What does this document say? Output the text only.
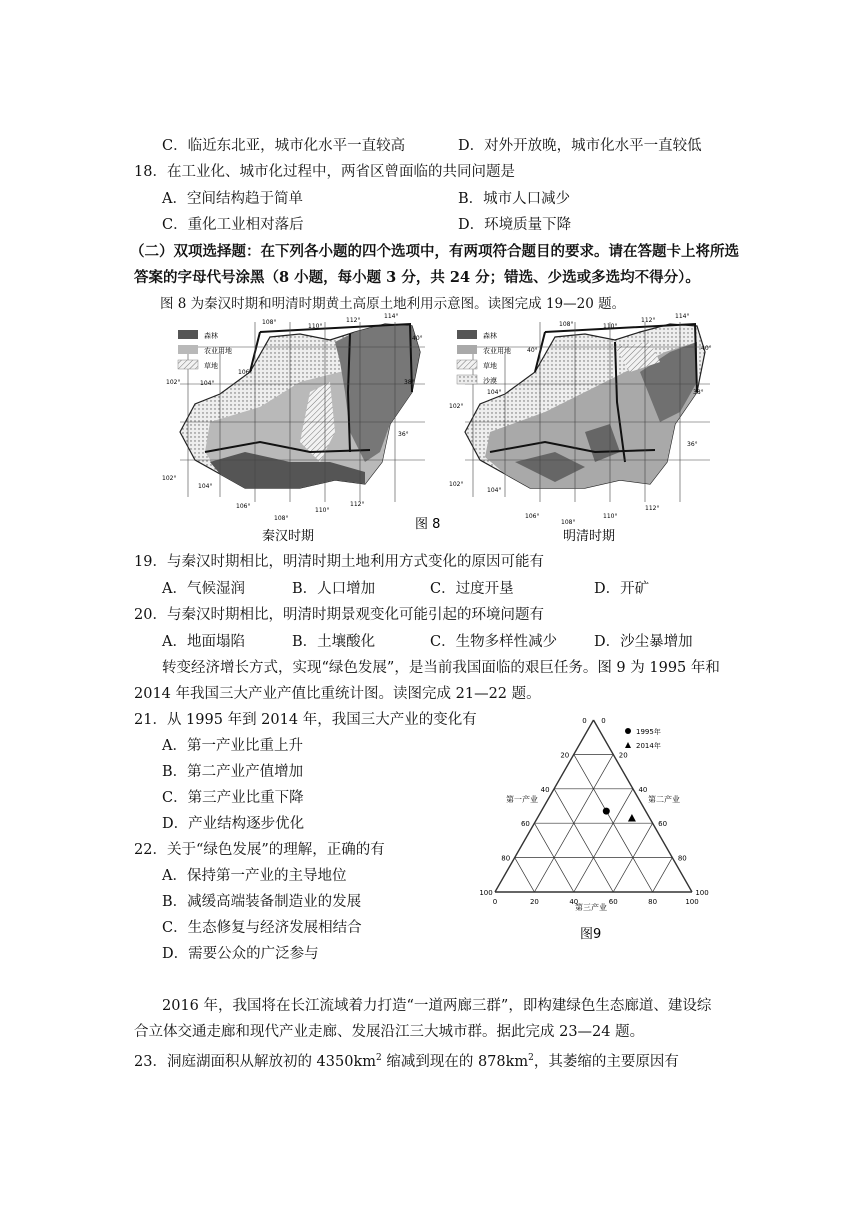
C．临近东北亚，城市化水平一直较高	D．对外开放晚，城市化水平一直较低
18．在工业化、城市化过程中，两省区曾面临的共同问题是
A．空间结构趋于简单	B．城市人口减少
C．重化工业相对落后	D．环境质量下降
（二）双项选择题：在下列各小题的四个选项中，有两项符合题目的要求。请在答题卡上将所选
答案的字母代号涂黑（8 小题，每小题 3 分，共 24 分；错选、少选或多选均不得分）。
图 8 为秦汉时期和明清时期黄土高原土地利用示意图。读图完成 19—20 题。
森林
农业用地
草地
102°	104°
106°
108°
110°
112°
114°
40°
38°
36°
102°
104°
106°
108°
110°
112°
秦汉时期
森林
农业用地
草地
沙漠
102°
104°
40°
108°	110°
112°
114°
40°
38°
36°
102°
104°
106°
108°
110°
112°
明清时期
图 8
19．与秦汉时期相比，明清时期土地利用方式变化的原因可能有
A．气候湿润	B．人口增加	C．过度开垦	D．开矿
20．与秦汉时期相比，明清时期景观变化可能引起的环境问题有
A．地面塌陷	B．土壤酸化	C．生物多样性减少	D．沙尘暴增加
转变经济增长方式，实现“绿色发展”，是当前我国面临的艰巨任务。图 9 为 1995 年和
2014 年我国三大产业产值比重统计图。读图完成 21—22 题。
21．从 1995 年到 2014 年，我国三大产业的变化有
A．第一产业比重上升
B．第二产业产值增加
C．第三产业比重下降
D．产业结构逐步优化
22．关于“绿色发展”的理解，正确的有
A．保持第一产业的主导地位
B．减缓高端装备制造业的发展
C．生态修复与经济发展相结合
D．需要公众的广泛参与
0
0
100
20
20
80
40
40
60
60
60
40
80
80
20
100
100
0
1995年
2014年
第一产业	第二产业
第三产业
图9
2016 年，我国将在长江流域着力打造“一道两廊三群”，即构建绿色生态廊道、建设综
合立体交通走廊和现代产业走廊、发展沿江三大城市群。据此完成 23—24 题。
23．洞庭湖面积从解放初的 $4350km^2$ 缩减到现在的 $878km^2$，其萎缩的主要原因有
